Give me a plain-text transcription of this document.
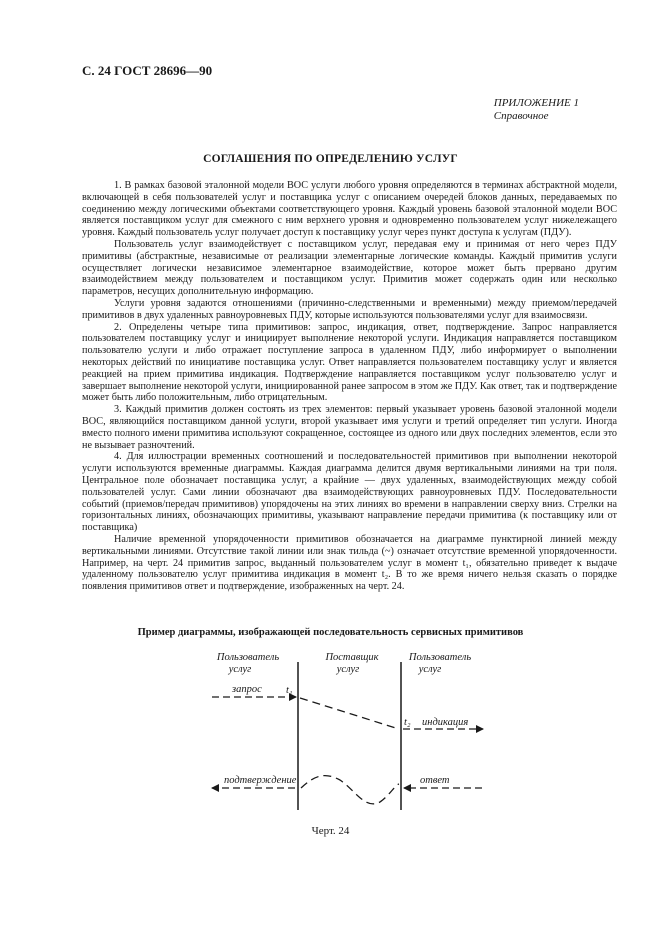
С. 24 ГОСТ 28696—90
ПРИЛОЖЕНИЕ 1
Справочное
СОГЛАШЕНИЯ ПО ОПРЕДЕЛЕНИЮ УСЛУГ

1. В рамках базовой эталонной модели ВОС услуги любого уровня определяются в терминах абстрактной модели, включающей в себя пользователей услуг и поставщика услуг с описанием очередей блоков данных, передаваемых по соединению между логическими объектами соответствующего уровня. Каждый уровень базовой эталонной модели ВОС является поставщиком услуг для смежного с ним верхнего уровня и одновременно пользователем услуг нижележащего уровня. Каждый пользователь услуг получает доступ к поставщику услуг через пункт доступа к услугам (ПДУ).

Пользователь услуг взаимодействует с поставщиком услуг, передавая ему и принимая от него через ПДУ примитивы (абстрактные, независимые от реализации элементарные логические команды. Каждый примитив услуги осуществляет логически независимое элементарное взаимодействие, которое может быть прервано другим взаимодействием между пользователем и поставщиком услуг. Примитив может содержать один или несколько параметров, несущих дополнительную информацию.

Услуги уровня задаются отношениями (причинно-следственными и временными) между приемом/передачей примитивов в двух удаленных равноуровневых ПДУ, которые используются пользователями услуг для взаимосвязи.

2. Определены четыре типа примитивов: запрос, индикация, ответ, подтверждение. Запрос направляется пользователем поставщику услуг и инициирует выполнение некоторой услуги. Индикация направляется поставщиком пользователю услуги и либо отражает поступление запроса в удаленном ПДУ, либо информирует о выполнении некоторых действий по инициативе поставщика услуг. Ответ направляется пользователем поставщику услуг и является реакцией на прием примитива индикация. Подтверждение направляется поставщиком услуг пользователю услуг и завершает выполнение некоторой услуги, инициированной ранее запросом в этом же ПДУ. Как ответ, так и подтверждение может быть либо положительным, либо отрицательным.

3. Каждый примитив должен состоять из трех элементов: первый указывает уровень базовой эталонной модели ВОС, являющийся поставщиком данной услуги, второй указывает имя услуги и третий определяет тип услуги. Иногда вместо полного имени примитива используют сокращенное, состоящее из одного или двух последних элементов, если это не вызывает разночтений.

4. Для иллюстрации временных соотношений и последовательностей примитивов при выполнении некоторой услуги используются временные диаграммы. Каждая диаграмма делится двумя вертикальными линиями на три поля. Центральное поле обозначает поставщика услуг, а крайние — двух удаленных, взаимодействующих между собой пользователей услуг. Сами линии обозначают два взаимодействующих равноуровневых ПДУ. Последовательности событий (приемов/передач примитивов) упорядочены на этих линиях во времени в направлении сверху вниз. Стрелки на горизонтальных линиях, обозначающих примитивы, указывают направление передачи примитива (к поставщику или от поставщика)

Наличие временной упорядоченности примитивов обозначается на диаграмме пунктирной линией между вертикальными линиями. Отсутствие такой линии или знак тильда (~) означает отсутствие временной упорядоченности. Например, на черт. 24 примитив запрос, выданный пользователем услуг в момент t₁, обязательно приведет к выдаче удаленному пользователю услуг примитива индикация в момент t₂. В то же время ничего нельзя сказать о порядке появления примитивов ответ и подтверждение, изображенных на черт. 24.

Пример диаграммы, изображающей последовательность сервисных примитивов
Пользователь
услуг
Поставщик
услуг
Пользователь
услуг
запрос t₁
t₂ индикация
ответ
подтверждение
Черт. 24
